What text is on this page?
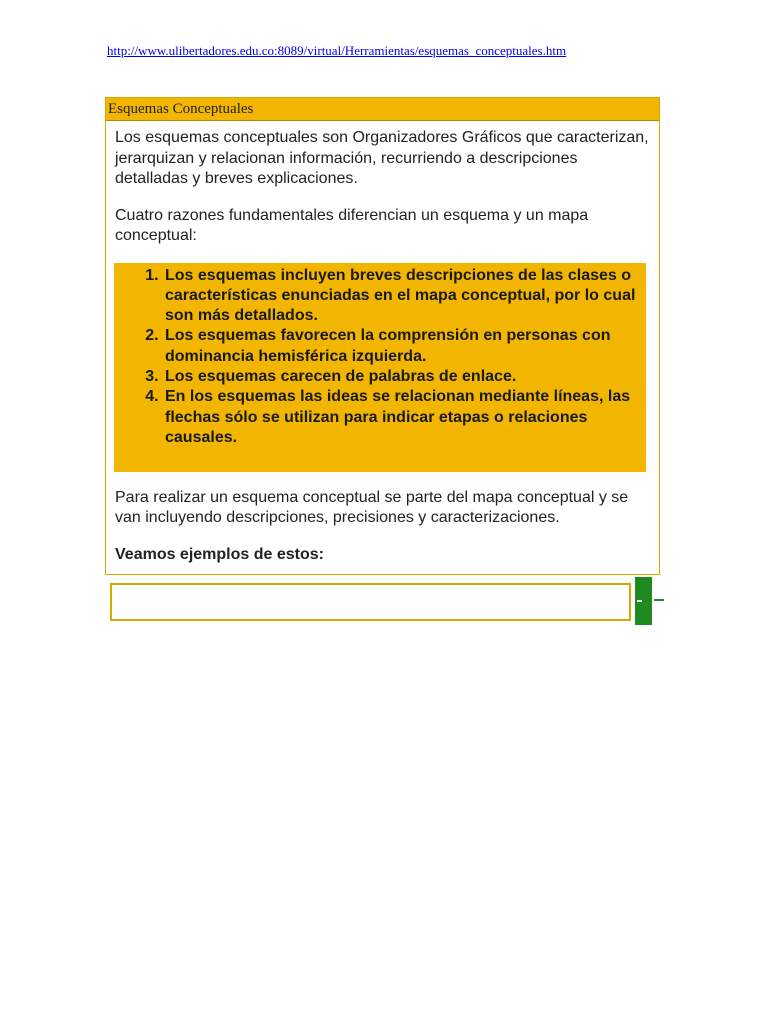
http://www.ulibertadores.edu.co:8089/virtual/Herramientas/esquemas_conceptuales.htm
Esquemas Conceptuales

Los esquemas conceptuales son Organizadores Gráficos que caracterizan, jerarquizan y relacionan información, recurriendo a descripciones detalladas y breves explicaciones.

Cuatro razones fundamentales diferencian un esquema y un mapa conceptual:

1. Los esquemas incluyen breves descripciones de las clases o características enunciadas en el mapa conceptual, por lo cual son más detallados.
2. Los esquemas favorecen la comprensión en personas con dominancia hemisférica izquierda.
3. Los esquemas carecen de palabras de enlace.
4. En los esquemas las ideas se relacionan mediante líneas, las flechas sólo se utilizan para indicar etapas o relaciones causales.

Para realizar un esquema conceptual se parte del mapa conceptual y se van incluyendo descripciones, precisiones y caracterizaciones.

Veamos ejemplos de estos:
